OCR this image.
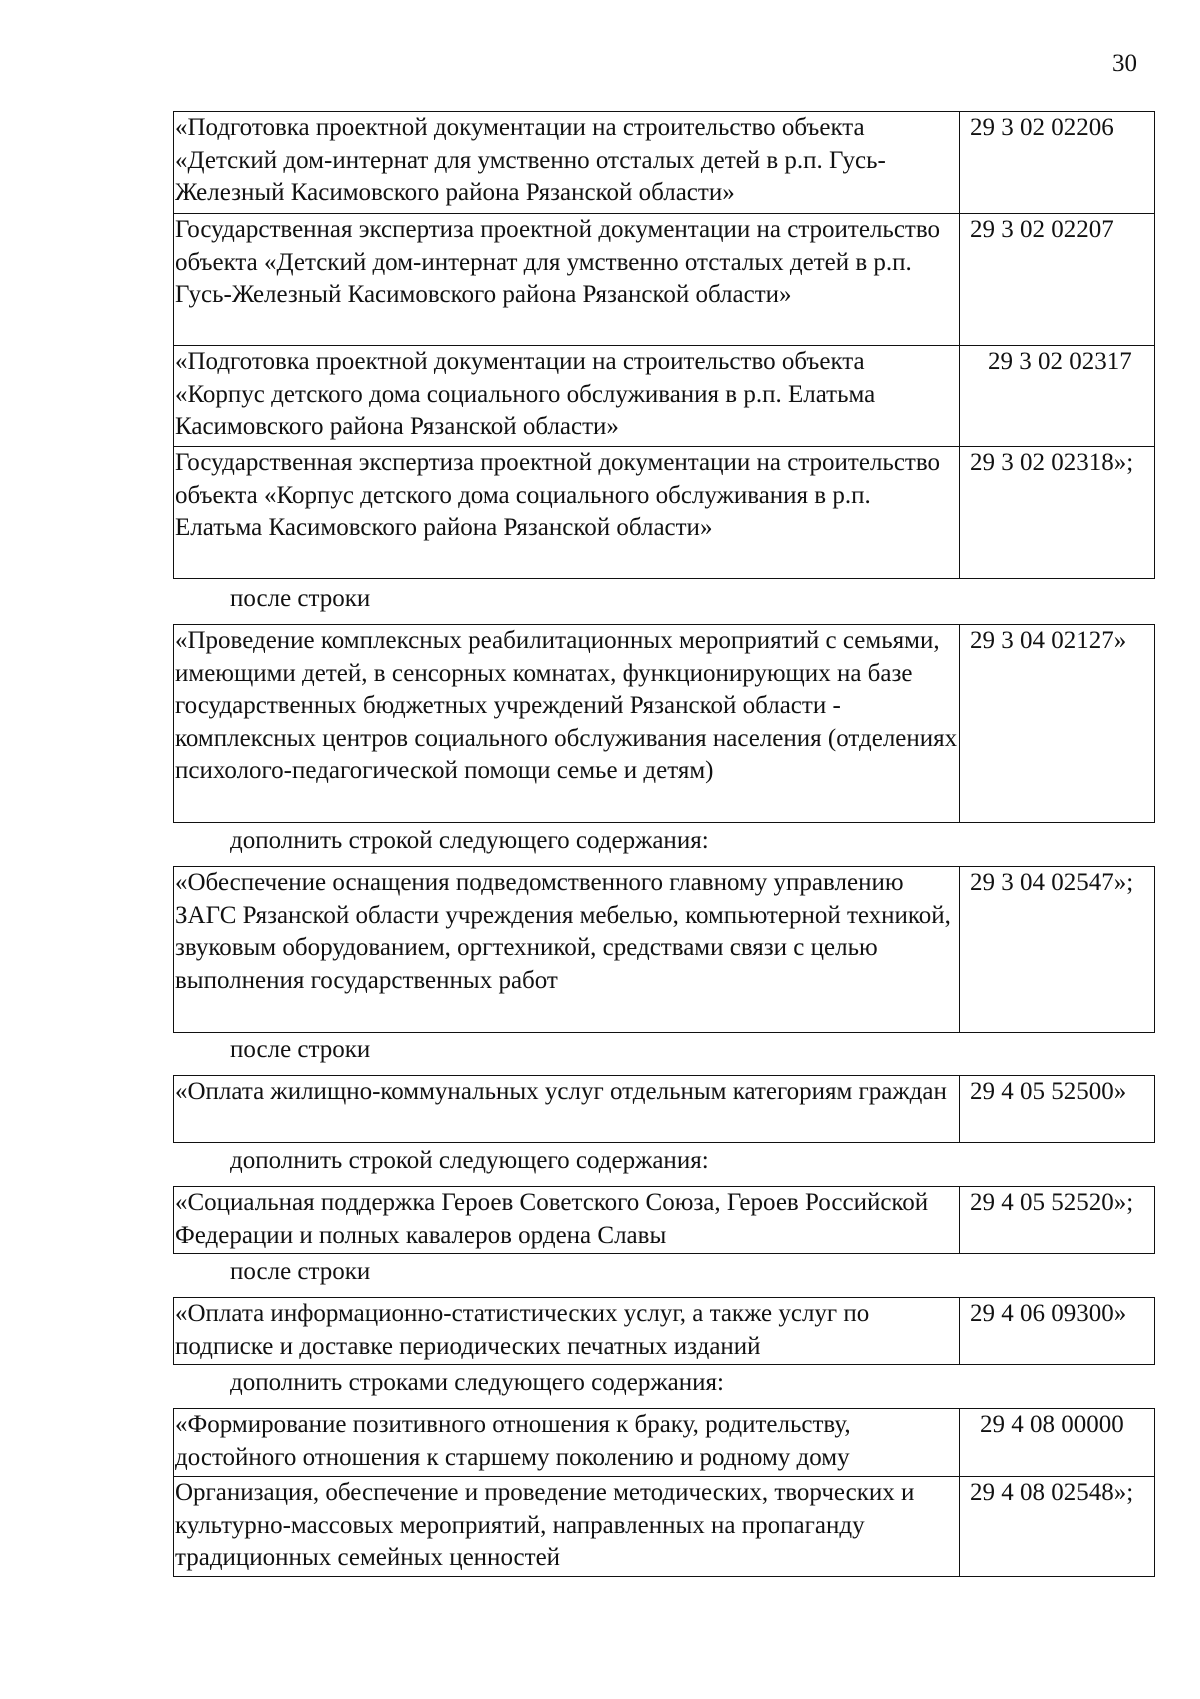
30
«Подготовка проектной документации на строительство объекта «Детский дом-интернат для умственно отсталых детей в р.п. Гусь-Железный Касимовского района Рязанской области»	29 3 02 02206
Государственная экспертиза проектной документации на строительство объекта «Детский дом-интернат для умственно отсталых детей в р.п. Гусь-Железный Касимовского района Рязанской области»	29 3 02 02207
«Подготовка проектной документации на строительство объекта «Корпус детского дома социального обслуживания в р.п. Елатьма Касимовского района Рязанской области»	29 3 02 02317
Государственная экспертиза проектной документации на строительство объекта «Корпус детского дома социального обслуживания в р.п. Елатьма Касимовского района Рязанской области»	29 3 02 02318»;
после строки
«Проведение комплексных реабилитационных мероприятий с семьями, имеющими детей, в сенсорных комнатах, функционирующих на базе государственных бюджетных учреждений Рязанской области - комплексных центров социального обслуживания населения (отделениях психолого-педагогической помощи семье и детям)	29 3 04 02127»
дополнить строкой следующего содержания:
«Обеспечение оснащения подведомственного главному управлению ЗАГС Рязанской области учреждения мебелью, компьютерной техникой, звуковым оборудованием, оргтехникой, средствами связи с целью выполнения государственных работ	29 3 04 02547»;
после строки
«Оплата жилищно-коммунальных услуг отдельным категориям граждан	29 4 05 52500»
дополнить строкой следующего содержания:
«Социальная поддержка Героев Советского Союза, Героев Российской Федерации и полных кавалеров ордена Славы	29 4 05 52520»;
после строки
«Оплата информационно-статистических услуг, а также услуг по подписке и доставке периодических печатных изданий	29 4 06 09300»
дополнить строками следующего содержания:
«Формирование позитивного отношения к браку, родительству, достойного отношения к старшему поколению и родному дому	29 4 08 00000
Организация, обеспечение и проведение методических, творческих и культурно-массовых мероприятий, направленных на пропаганду традиционных семейных ценностей	29 4 08 02548»;
